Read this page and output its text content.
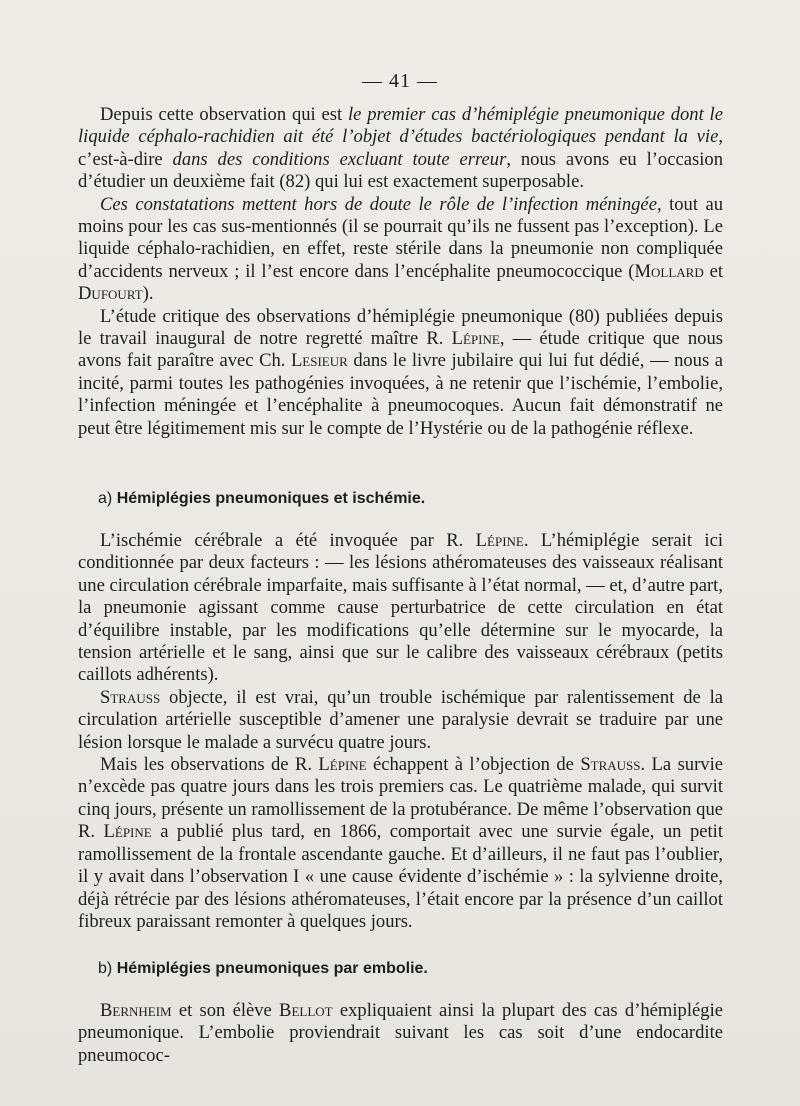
— 41 —

Depuis cette observation qui est le premier cas d’hémiplégie pneumonique dont le liquide céphalo-rachidien ait été l’objet d’études bactériologiques pendant la vie, c’est-à-dire dans des conditions excluant toute erreur, nous avons eu l’occasion d’étudier un deuxième fait (82) qui lui est exactement superposable.

Ces constatations mettent hors de doute le rôle de l’infection méningée, tout au moins pour les cas sus-mentionnés (il se pourrait qu’ils ne fussent pas l’exception). Le liquide céphalo-rachidien, en effet, reste stérile dans la pneumonie non compliquée d’accidents nerveux ; il l’est encore dans l’encéphalite pneumococcique (Mollard et Dufourt).

L’étude critique des observations d’hémiplégie pneumonique (80) publiées depuis le travail inaugural de notre regretté maître R. Lépine, — étude critique que nous avons fait paraître avec Ch. Lesieur dans le livre jubilaire qui lui fut dédié, — nous a incité, parmi toutes les pathogénies invoquées, à ne retenir que l’ischémie, l’embolie, l’infection méningée et l’encéphalite à pneumocoques. Aucun fait démonstratif ne peut être légitimement mis sur le compte de l’Hystérie ou de la pathogénie réflexe.

a) Hémiplégies pneumoniques et ischémie.

L’ischémie cérébrale a été invoquée par R. Lépine. L’hémiplégie serait ici conditionnée par deux facteurs : — les lésions athéromateuses des vaisseaux réalisant une circulation cérébrale imparfaite, mais suffisante à l’état normal, — et, d’autre part, la pneumonie agissant comme cause perturbatrice de cette circulation en état d’équilibre instable, par les modifications qu’elle détermine sur le myocarde, la tension artérielle et le sang, ainsi que sur le calibre des vaisseaux cérébraux (petits caillots adhérents).

Strauss objecte, il est vrai, qu’un trouble ischémique par ralentissement de la circulation artérielle susceptible d’amener une paralysie devrait se traduire par une lésion lorsque le malade a survécu quatre jours.

Mais les observations de R. Lépine échappent à l’objection de Strauss. La survie n’excède pas quatre jours dans les trois premiers cas. Le quatrième malade, qui survit cinq jours, présente un ramollissement de la protubérance. De même l’observation que R. Lépine a publié plus tard, en 1866, comportait avec une survie égale, un petit ramollissement de la frontale ascendante gauche. Et d’ailleurs, il ne faut pas l’oublier, il y avait dans l’observation I « une cause évidente d’ischémie » : la sylvienne droite, déjà rétrécie par des lésions athéromateuses, l’était encore par la présence d’un caillot fibreux paraissant remonter à quelques jours.

b) Hémiplégies pneumoniques par embolie.

Bernheim et son élève Bellot expliquaient ainsi la plupart des cas d’hémiplégie pneumonique. L’embolie proviendrait suivant les cas soit d’une endocardite pneumococ-
